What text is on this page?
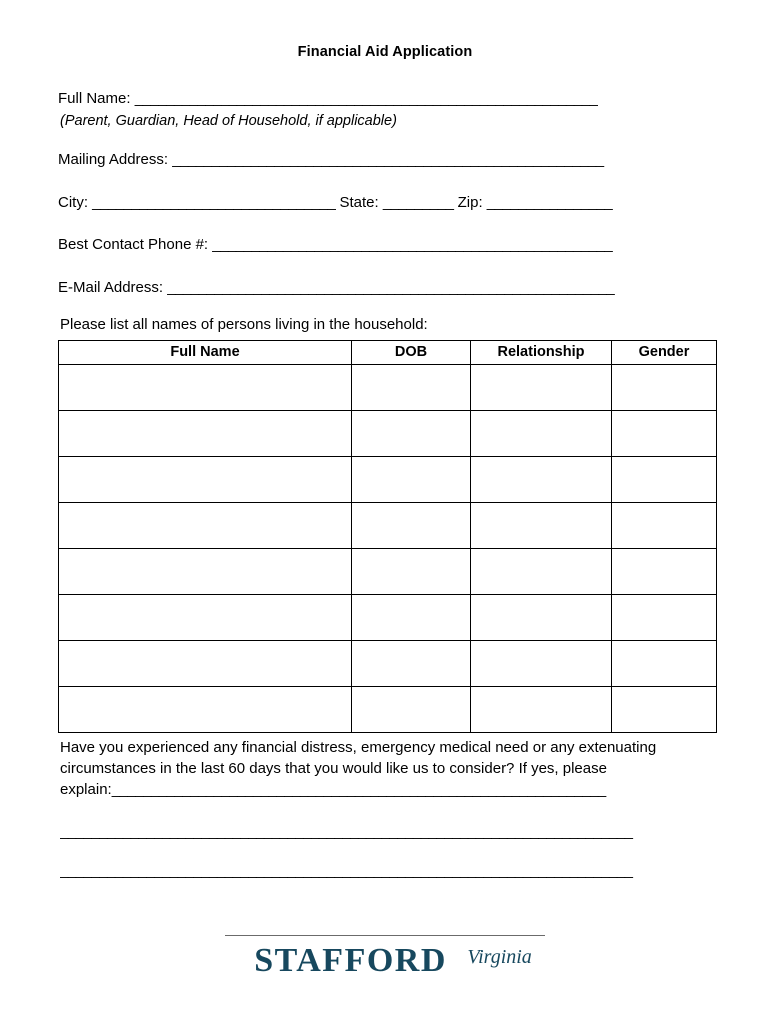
Financial Aid Application
Full Name: ___________________________________________________________
(Parent, Guardian, Head of Household, if applicable)
Mailing Address: _______________________________________________________
City: _______________________________ State: _________ Zip: ________________
Best Contact Phone #: ___________________________________________________
E-Mail Address: _________________________________________________________
Please list all names of persons living in the household:
Full Name	DOB	Relationship	Gender

Have you experienced any financial distress, emergency medical need or any extenuating
circumstances in the last 60 days that you would like us to consider? If yes, please
explain:_______________________________________________________________
_________________________________________________________________________
_________________________________________________________________________
STAFFORD Virginia
